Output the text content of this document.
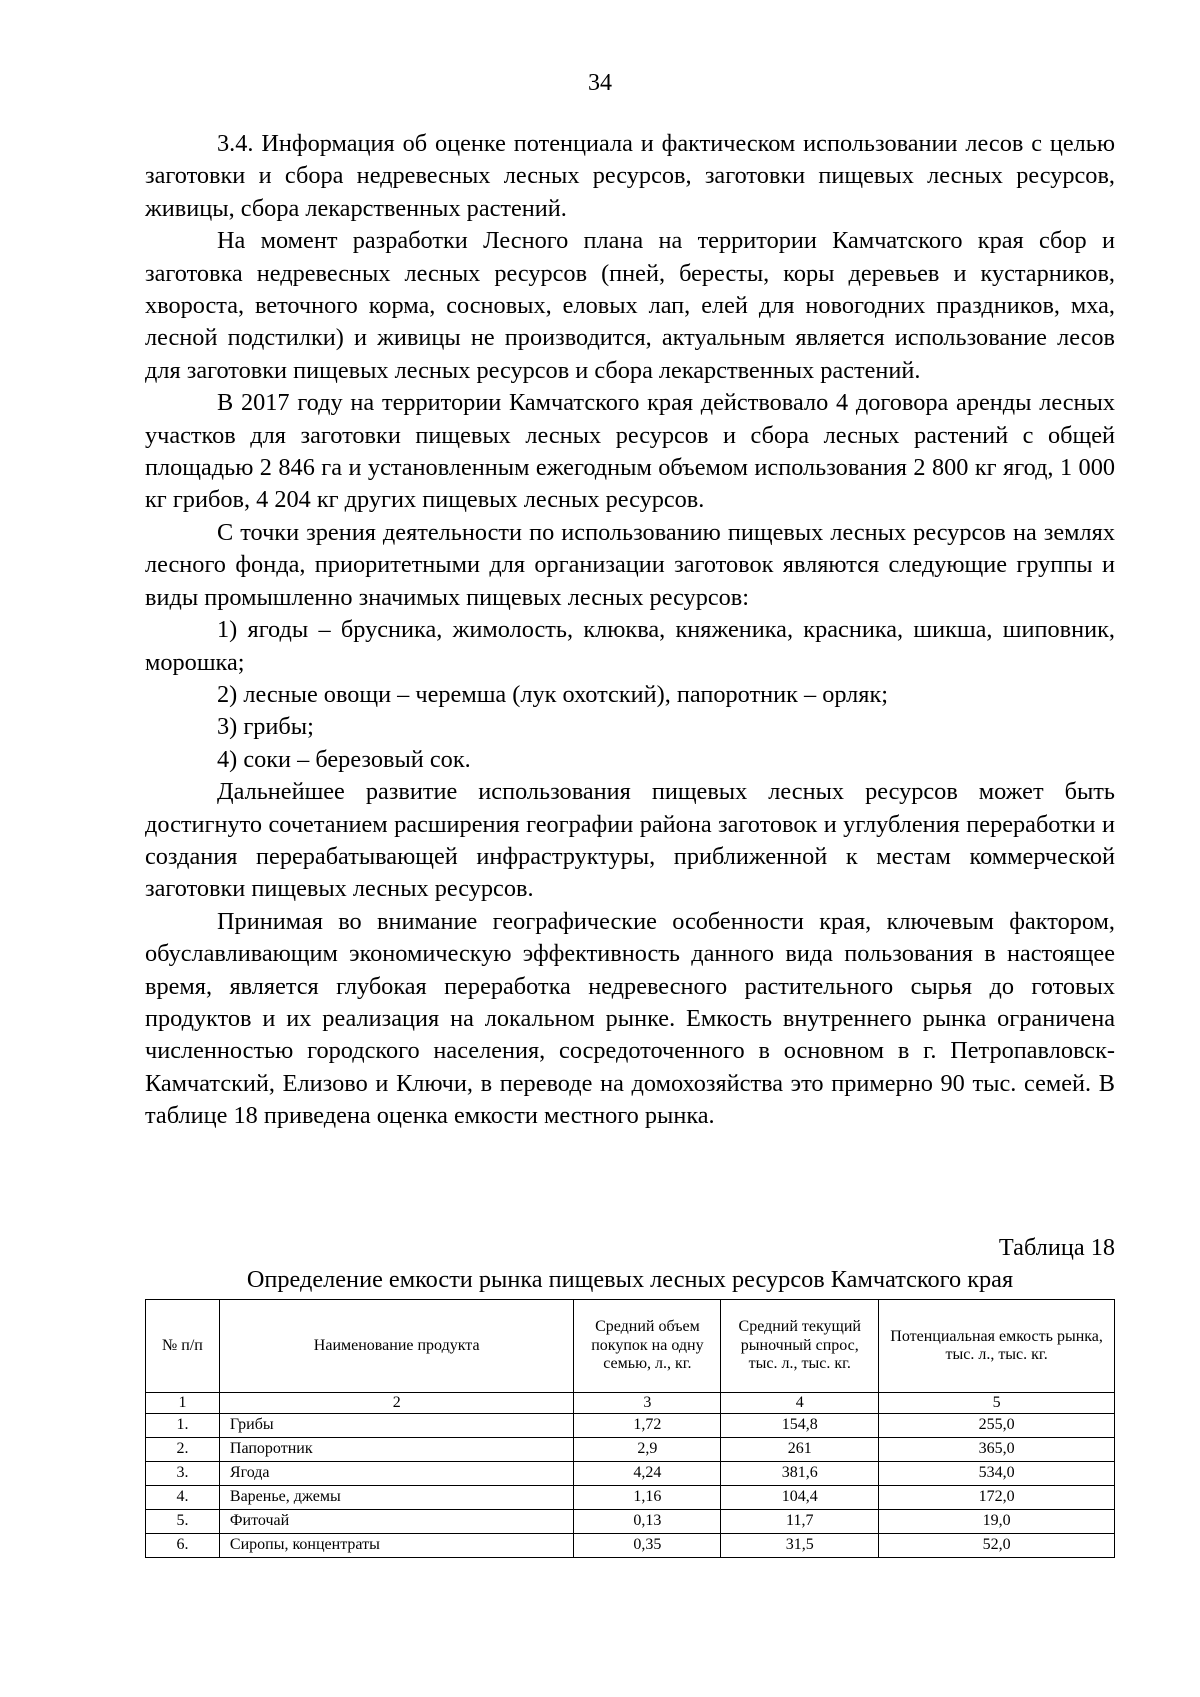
34

3.4. Информация об оценке потенциала и фактическом использовании лесов с целью заготовки и сбора недревесных лесных ресурсов, заготовки пищевых лесных ресурсов, живицы, сбора лекарственных растений.

На момент разработки Лесного плана на территории Камчатского края сбор и заготовка недревесных лесных ресурсов (пней, бересты, коры деревьев и кустарников, хвороста, веточного корма, сосновых, еловых лап, елей для новогодних праздников, мха, лесной подстилки) и живицы не производится, актуальным является использование лесов для заготовки пищевых лесных ресурсов и сбора лекарственных растений.

В 2017 году на территории Камчатского края действовало 4 договора аренды лесных участков для заготовки пищевых лесных ресурсов и сбора лесных растений с общей площадью 2 846 га и установленным ежегодным объемом использования 2 800 кг ягод, 1 000 кг грибов, 4 204 кг других пищевых лесных ресурсов.

С точки зрения деятельности по использованию пищевых лесных ресурсов на землях лесного фонда, приоритетными для организации заготовок являются следующие группы и виды промышленно значимых пищевых лесных ресурсов:

1) ягоды – брусника, жимолость, клюква, княженика, красника, шикша, шиповник, морошка;

2) лесные овощи – черемша (лук охотский), папоротник – орляк;

3) грибы;

4) соки – березовый сок.

Дальнейшее развитие использования пищевых лесных ресурсов может быть достигнуто сочетанием расширения географии района заготовок и углубления переработки и создания перерабатывающей инфраструктуры, приближенной к местам коммерческой заготовки пищевых лесных ресурсов.

Принимая во внимание географические особенности края, ключевым фактором, обуславливающим экономическую эффективность данного вида пользования в настоящее время, является глубокая переработка недревесного растительного сырья до готовых продуктов и их реализация на локальном рынке. Емкость внутреннего рынка ограничена численностью городского населения, сосредоточенного в основном в г. Петропавловск-Камчатский, Елизово и Ключи, в переводе на домохозяйства это примерно 90 тыс. семей. В таблице 18 приведена оценка емкости местного рынка.

Таблица 18
Определение емкости рынка пищевых лесных ресурсов Камчатского края
№ п/п	Наименование продукта	Средний объем покупок на одну семью, л., кг.	Средний текущий рыночный спрос, тыс. л., тыс. кг.	Потенциальная емкость рынка, тыс. л., тыс. кг.
1	2	3	4	5
1.	Грибы	1,72	154,8	255,0
2.	Папоротник	2,9	261	365,0
3.	Ягода	4,24	381,6	534,0
4.	Варенье, джемы	1,16	104,4	172,0
5.	Фиточай	0,13	11,7	19,0
6.	Сиропы, концентраты	0,35	31,5	52,0
